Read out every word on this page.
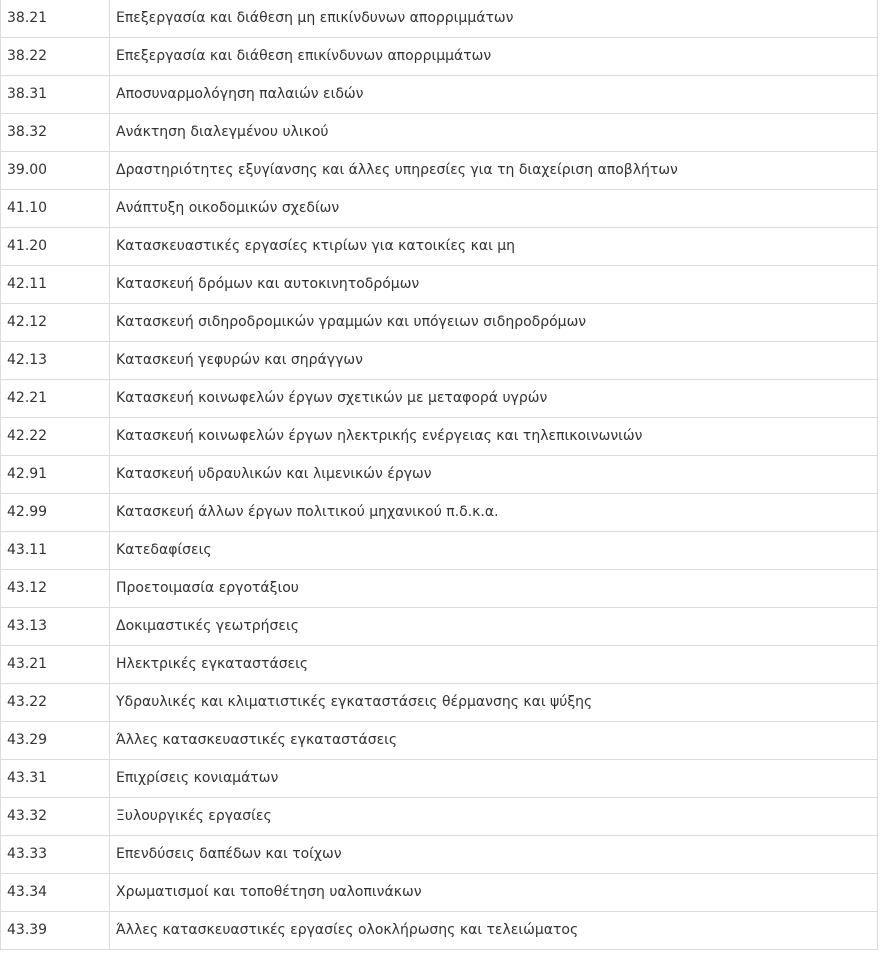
38.21	Επεξεργασία και διάθεση μη επικίνδυνων απορριμμάτων
38.22	Επεξεργασία και διάθεση επικίνδυνων απορριμμάτων
38.31	Αποσυναρμολόγηση παλαιών ειδών
38.32	Ανάκτηση διαλεγμένου υλικού
39.00	Δραστηριότητες εξυγίανσης και άλλες υπηρεσίες για τη διαχείριση αποβλήτων
41.10	Ανάπτυξη οικοδομικών σχεδίων
41.20	Κατασκευαστικές εργασίες κτιρίων για κατοικίες και μη
42.11	Κατασκευή δρόμων και αυτοκινητοδρόμων
42.12	Κατασκευή σιδηροδρομικών γραμμών και υπόγειων σιδηροδρόμων
42.13	Κατασκευή γεφυρών και σηράγγων
42.21	Κατασκευή κοινωφελών έργων σχετικών με μεταφορά υγρών
42.22	Κατασκευή κοινωφελών έργων ηλεκτρικής ενέργειας και τηλεπικοινωνιών
42.91	Κατασκευή υδραυλικών και λιμενικών έργων
42.99	Κατασκευή άλλων έργων πολιτικού μηχανικού π.δ.κ.α.
43.11	Κατεδαφίσεις
43.12	Προετοιμασία εργοτάξιου
43.13	Δοκιμαστικές γεωτρήσεις
43.21	Ηλεκτρικές εγκαταστάσεις
43.22	Υδραυλικές και κλιματιστικές εγκαταστάσεις θέρμανσης και ψύξης
43.29	Άλλες κατασκευαστικές εγκαταστάσεις
43.31	Επιχρίσεις κονιαμάτων
43.32	Ξυλουργικές εργασίες
43.33	Επενδύσεις δαπέδων και τοίχων
43.34	Χρωματισμοί και τοποθέτηση υαλοπινάκων
43.39	Άλλες κατασκευαστικές εργασίες ολοκλήρωσης και τελειώματος
